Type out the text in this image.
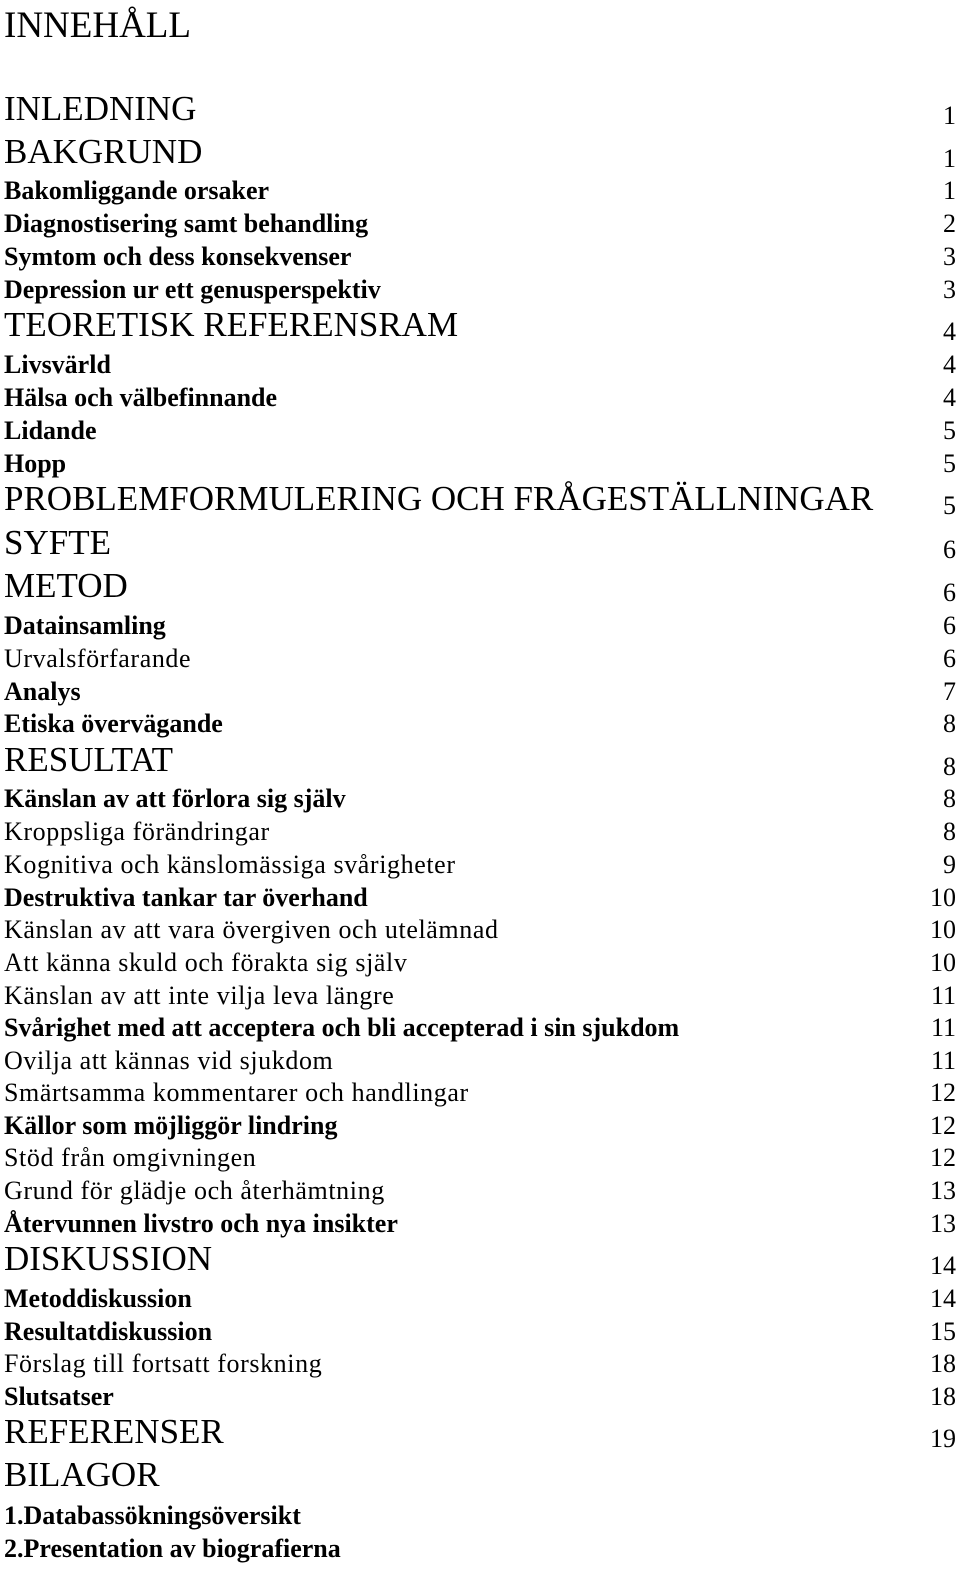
INNEHÅLL
INLEDNING	1
BAKGRUND	1
Bakomliggande orsaker	1
Diagnostisering samt behandling	2
Symtom och dess konsekvenser	3
Depression ur ett genusperspektiv	3
TEORETISK REFERENSRAM	4
Livsvärld	4
Hälsa och välbefinnande	4
Lidande	5
Hopp	5
PROBLEMFORMULERING OCH FRÅGESTÄLLNINGAR	5
SYFTE	6
METOD	6
Datainsamling	6
Urvalsförfarande	6
Analys	7
Etiska övervägande	8
RESULTAT	8
Känslan av att förlora sig själv	8
Kroppsliga förändringar	8
Kognitiva och känslomässiga svårigheter	9
Destruktiva tankar tar överhand	10
Känslan av att vara övergiven och utelämnad	10
Att känna skuld och förakta sig själv	10
Känslan av att inte vilja leva längre	11
Svårighet med att acceptera och bli accepterad i sin sjukdom	11
Ovilja att kännas vid sjukdom	11
Smärtsamma kommentarer och handlingar	12
Källor som möjliggör lindring	12
Stöd från omgivningen	12
Grund för glädje och återhämtning	13
Återvunnen livstro och nya insikter	13
DISKUSSION	14
Metoddiskussion	14
Resultatdiskussion	15
Förslag till fortsatt forskning	18
Slutsatser	18
REFERENSER	19
BILAGOR
1.Databassökningsöversikt
2.Presentation av biografierna
